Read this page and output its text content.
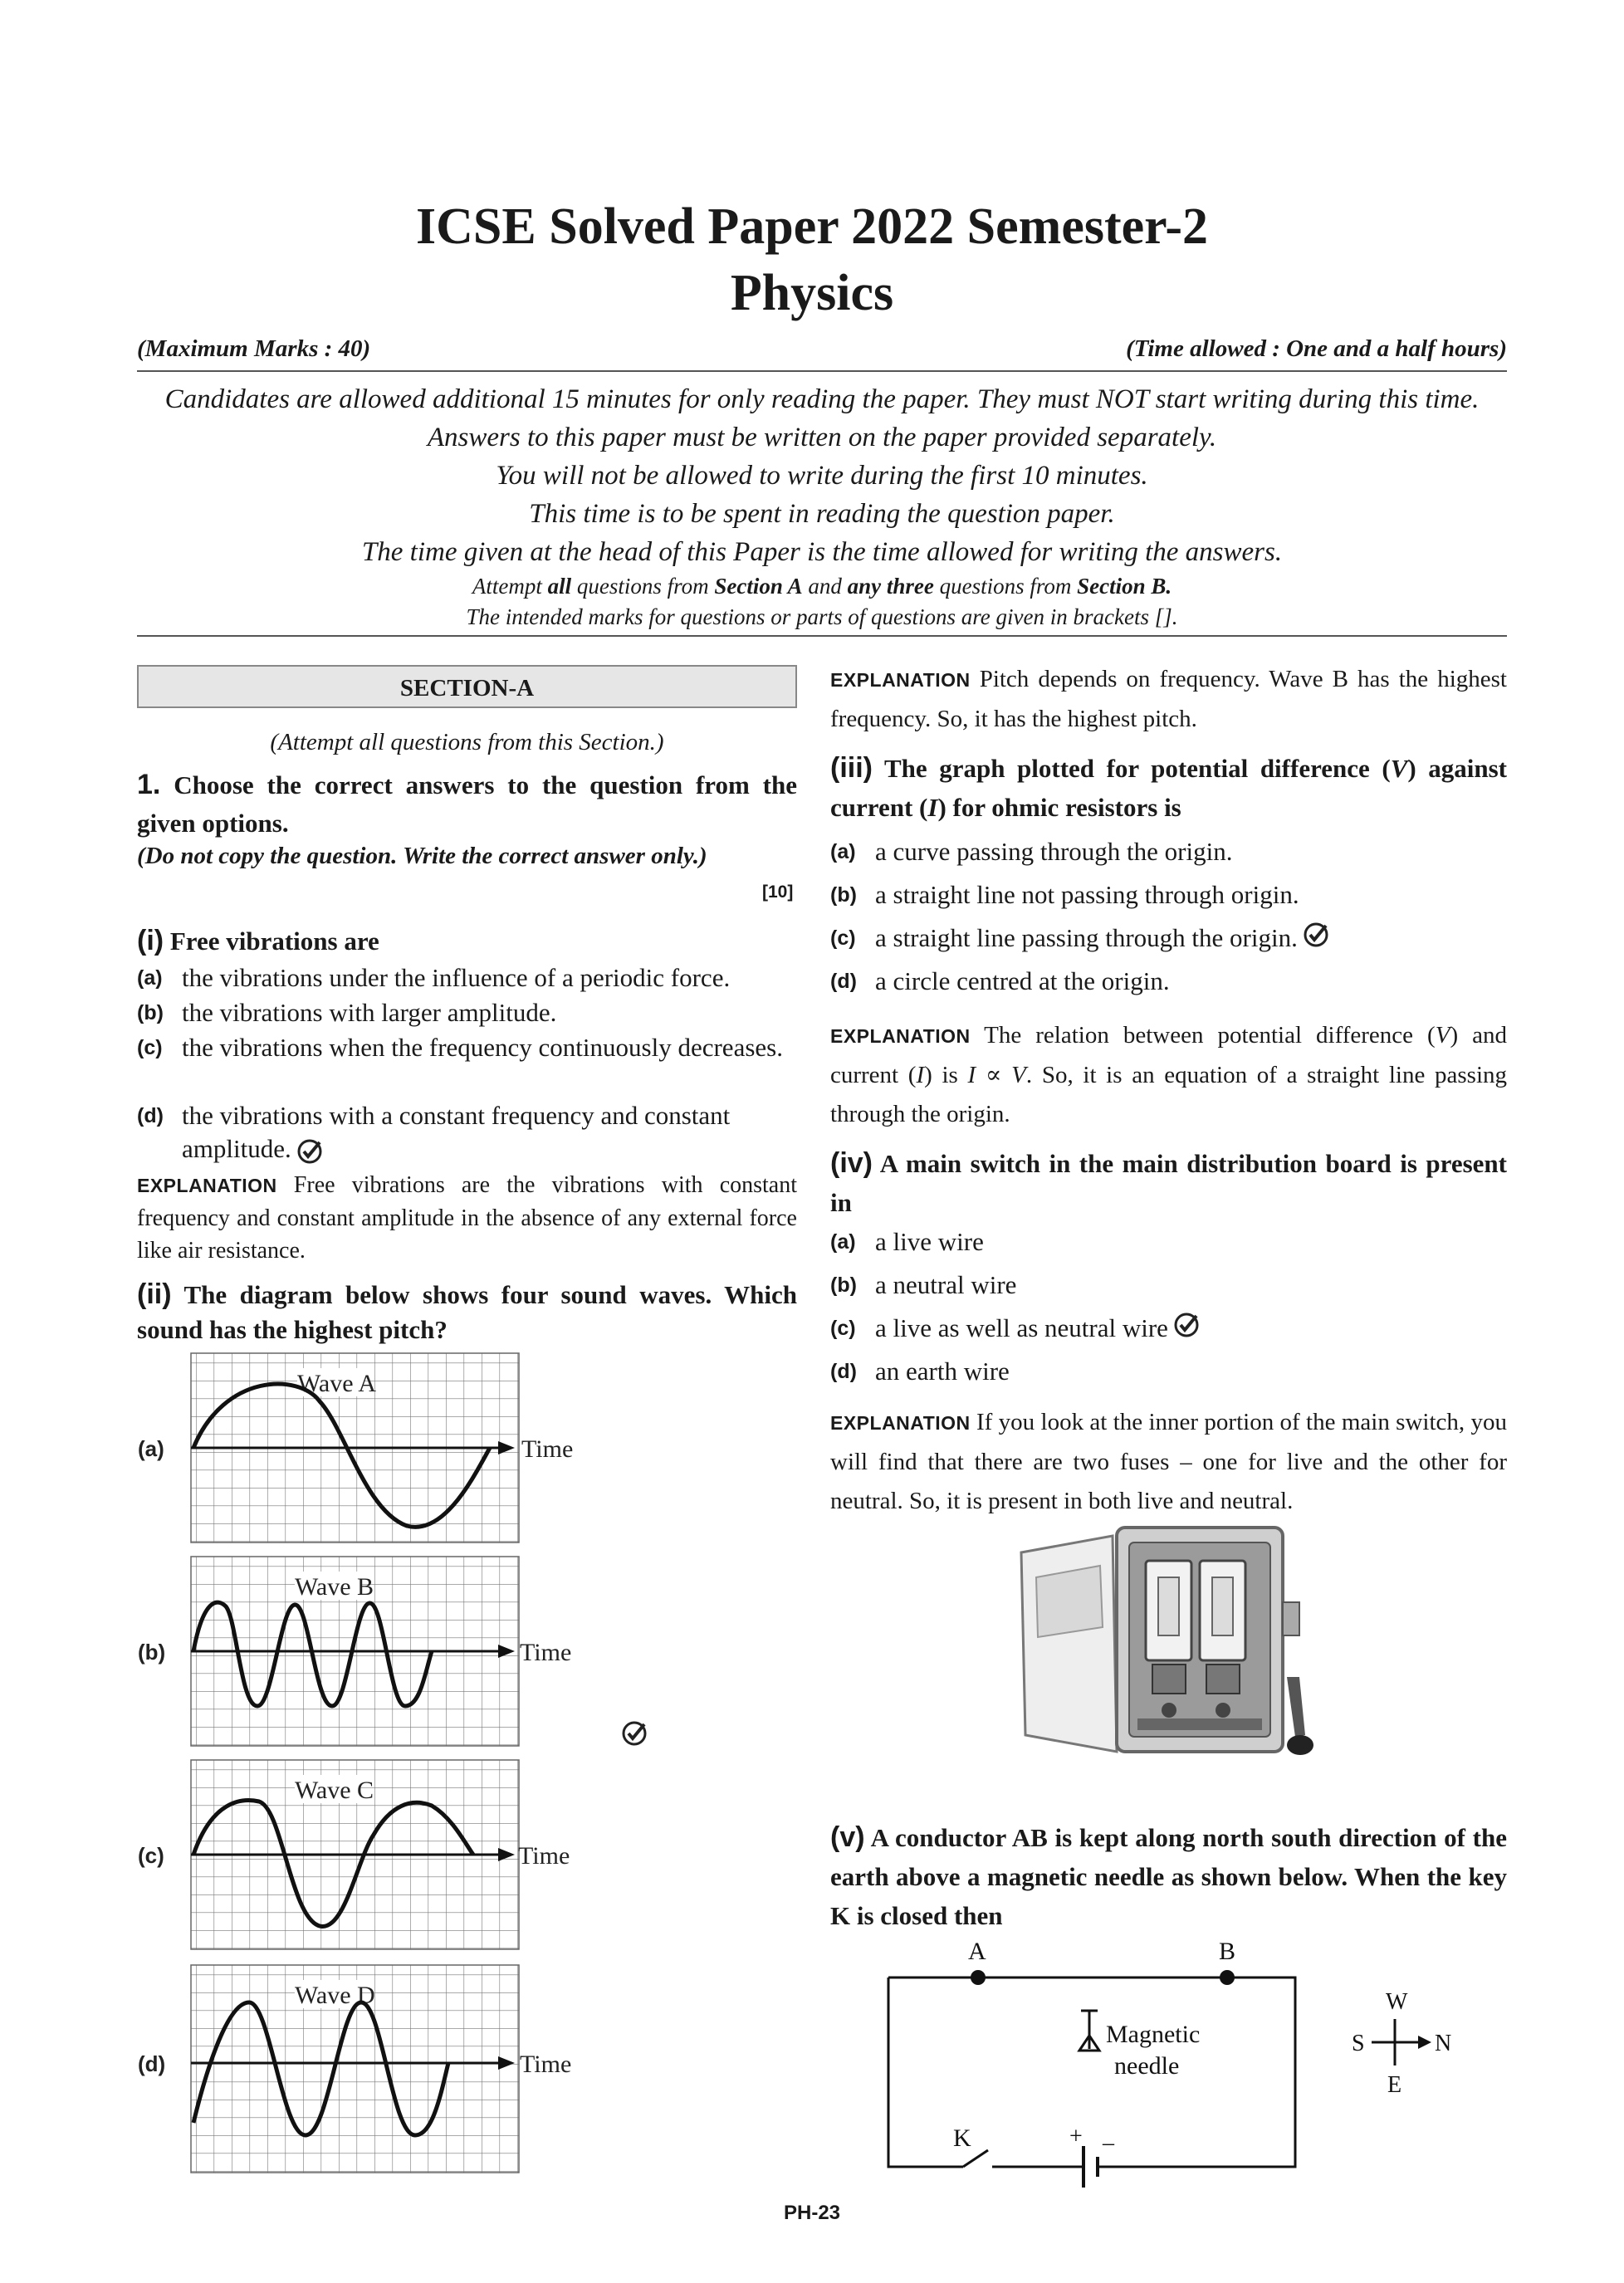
ICSE Solved Paper 2022 Semester-2
Physics
(Maximum Marks : 40)	(Time allowed : One and a half hours)
Candidates are allowed additional 15 minutes for only reading the paper. They must NOT start writing during this time.
Answers to this paper must be written on the paper provided separately.
You will not be allowed to write during the first 10 minutes.
This time is to be spent in reading the question paper.
The time given at the head of this Paper is the time allowed for writing the answers.
Attempt all questions from Section A and any three questions from Section B.
The intended marks for questions or parts of questions are given in brackets [].
SECTION-A
(Attempt all questions from this Section.)
1. Choose the correct answers to the question from the given options.
(Do not copy the question. Write the correct answer only.)
[10]
(i) Free vibrations are
(a) the vibrations under the influence of a periodic force.
(b) the vibrations with larger amplitude.
(c) the vibrations when the frequency continuously decreases.
(d) the vibrations with a constant frequency and constant amplitude.
EXPLANATION Free vibrations are the vibrations with constant frequency and constant amplitude in the absence of any external force like air resistance.
(ii) The diagram below shows four sound waves. Which sound has the highest pitch?
Wave A
Time
(a)
Wave B
Time
(b)
Wave C
Time
(c)
Wave D
Time
(d)
EXPLANATION Pitch depends on frequency. Wave B has the highest frequency. So, it has the highest pitch.
(iii) The graph plotted for potential difference (V) against current (I) for ohmic resistors is
(a) a curve passing through the origin.
(b) a straight line not passing through origin.
(c) a straight line passing through the origin.
(d) a circle centred at the origin.
EXPLANATION The relation between potential difference (V) and current (I) is I ∝ V. So, it is an equation of a straight line passing through the origin.
(iv) A main switch in the main distribution board is present in
(a) a live wire
(b) a neutral wire
(c) a live as well as neutral wire
(d) an earth wire
EXPLANATION If you look at the inner portion of the main switch, you will find that there are two fuses – one for live and the other for neutral. So, it is present in both live and neutral.
(v) A conductor AB is kept along north south direction of the earth above a magnetic needle as shown below. When the key K is closed then
K	+ –
A	B
Magnetic
needle
W
S	N
E
PH-23
